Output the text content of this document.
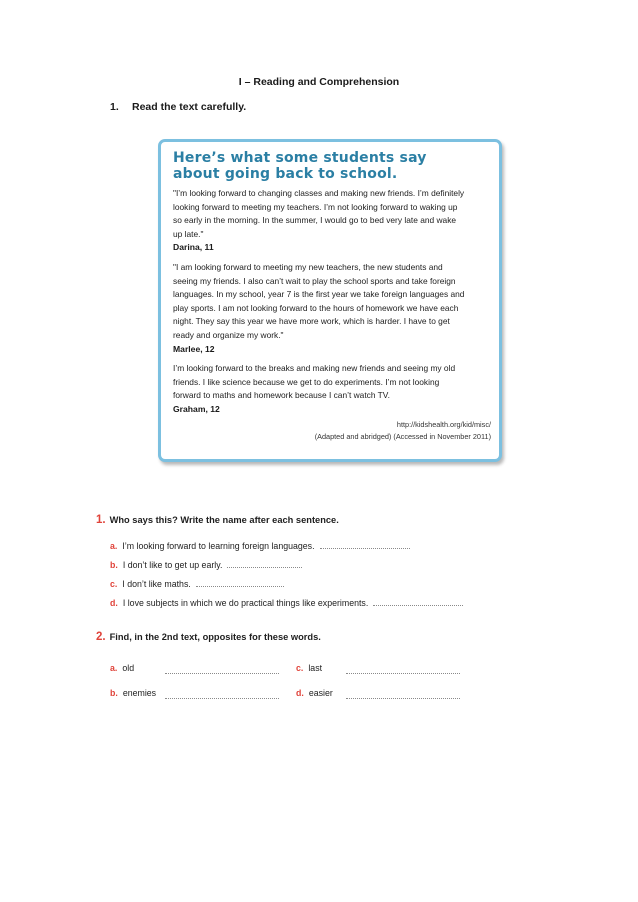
I – Reading and Comprehension
1. Read the text carefully.
Here’s what some students say
about going back to school.
"I’m looking forward to changing classes and making new friends. I’m definitely
looking forward to meeting my teachers. I’m not looking forward to waking up
so early in the morning. In the summer, I would go to bed very late and wake
up late."
Darina, 11
"I am looking forward to meeting my new teachers, the new students and
seeing my friends. I also can’t wait to play the school sports and take foreign
languages. In my school, year 7 is the first year we take foreign languages and
play sports. I am not looking forward to the hours of homework we have each
night. They say this year we have more work, which is harder. I have to get
ready and organize my work."
Marlee, 12
I’m looking forward to the breaks and making new friends and seeing my old
friends. I like science because we get to do experiments. I’m not looking
forward to maths and homework because I can’t watch TV.
Graham, 12
http://kidshealth.org/kid/misc/
(Adapted and abridged) (Accessed in November 2011)
1. Who says this? Write the name after each sentence.
a. I’m looking forward to learning foreign languages.
b. I don’t like to get up early.
c. I don’t like maths.
d. I love subjects in which we do practical things like experiments.
2. Find, in the 2nd text, opposites for these words.
a. old
b. enemies
c. last
d. easier
